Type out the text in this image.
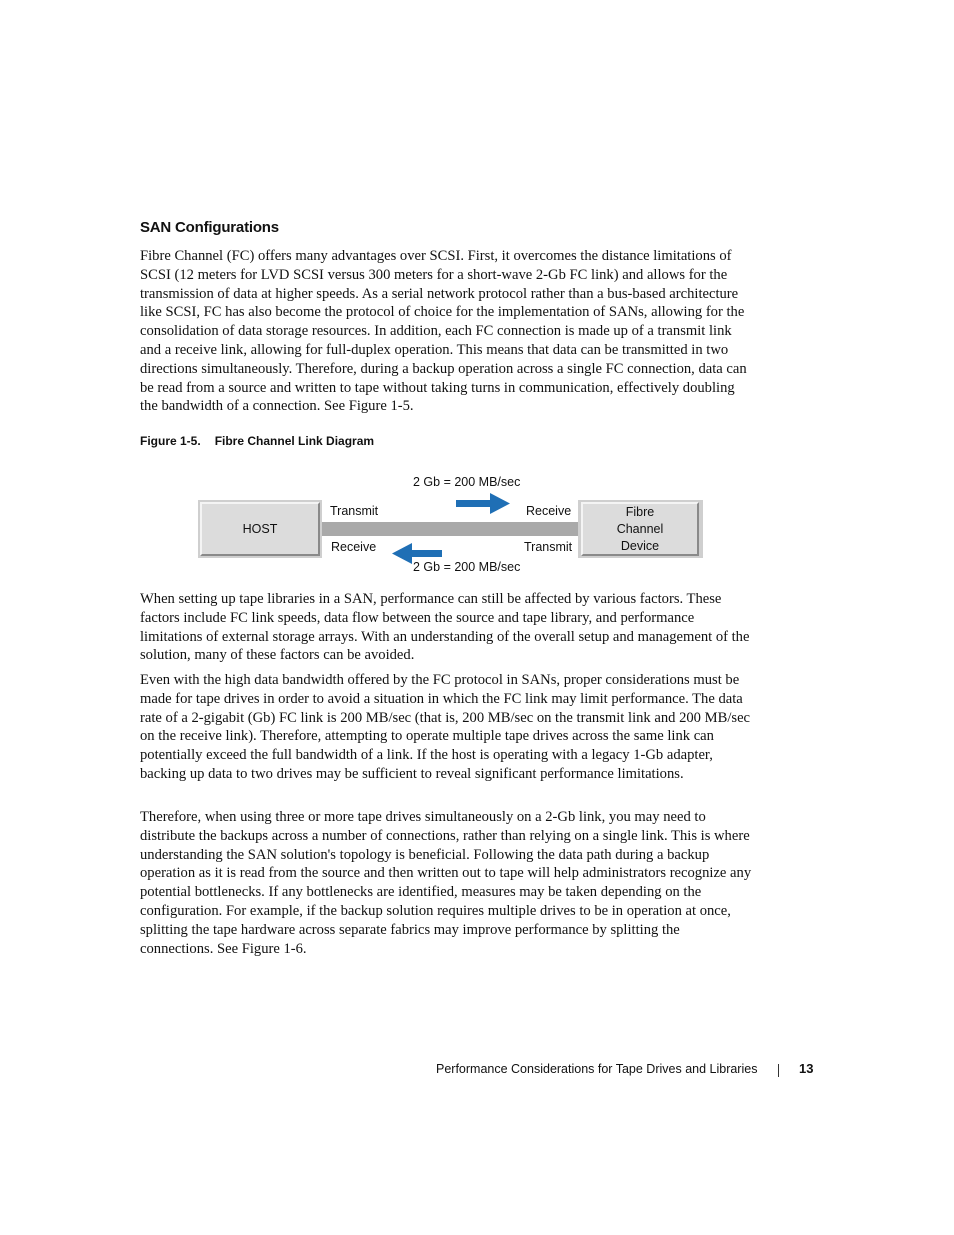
SAN Configurations

Fibre Channel (FC) offers many advantages over SCSI. First, it overcomes the distance limitations of SCSI (12 meters for LVD SCSI versus 300 meters for a short-wave 2-Gb FC link) and allows for the transmission of data at higher speeds. As a serial network protocol rather than a bus-based architecture like SCSI, FC has also become the protocol of choice for the implementation of SANs, allowing for the consolidation of data storage resources. In addition, each FC connection is made up of a transmit link and a receive link, allowing for full-duplex operation. This means that data can be transmitted in two directions simultaneously. Therefore, during a backup operation across a single FC connection, data can be read from a source and written to tape without taking turns in communication, effectively doubling the bandwidth of a connection. See Figure 1-5.

Figure 1-5. Fibre Channel Link Diagram
2 Gb = 200 MB/sec
HOST
Transmit
Receive
Receive
Transmit
Fibre
Channel
Device
2 Gb = 200 MB/sec

When setting up tape libraries in a SAN, performance can still be affected by various factors. These factors include FC link speeds, data flow between the source and tape library, and performance limitations of external storage arrays. With an understanding of the overall setup and management of the solution, many of these factors can be avoided.

Even with the high data bandwidth offered by the FC protocol in SANs, proper considerations must be made for tape drives in order to avoid a situation in which the FC link may limit performance. The data rate of a 2-gigabit (Gb) FC link is 200 MB/sec (that is, 200 MB/sec on the transmit link and 200 MB/sec on the receive link). Therefore, attempting to operate multiple tape drives across the same link can potentially exceed the full bandwidth of a link. If the host is operating with a legacy 1-Gb adapter, backing up data to two drives may be sufficient to reveal significant performance limitations.

Therefore, when using three or more tape drives simultaneously on a 2-Gb link, you may need to distribute the backups across a number of connections, rather than relying on a single link. This is where understanding the SAN solution's topology is beneficial. Following the data path during a backup operation as it is read from the source and then written out to tape will help administrators recognize any potential bottlenecks. If any bottlenecks are identified, measures may be taken depending on the configuration. For example, if the backup solution requires multiple drives to be in operation at once, splitting the tape hardware across separate fabrics may improve performance by splitting the connections. See Figure 1-6.

Performance Considerations for Tape Drives and Libraries	13
